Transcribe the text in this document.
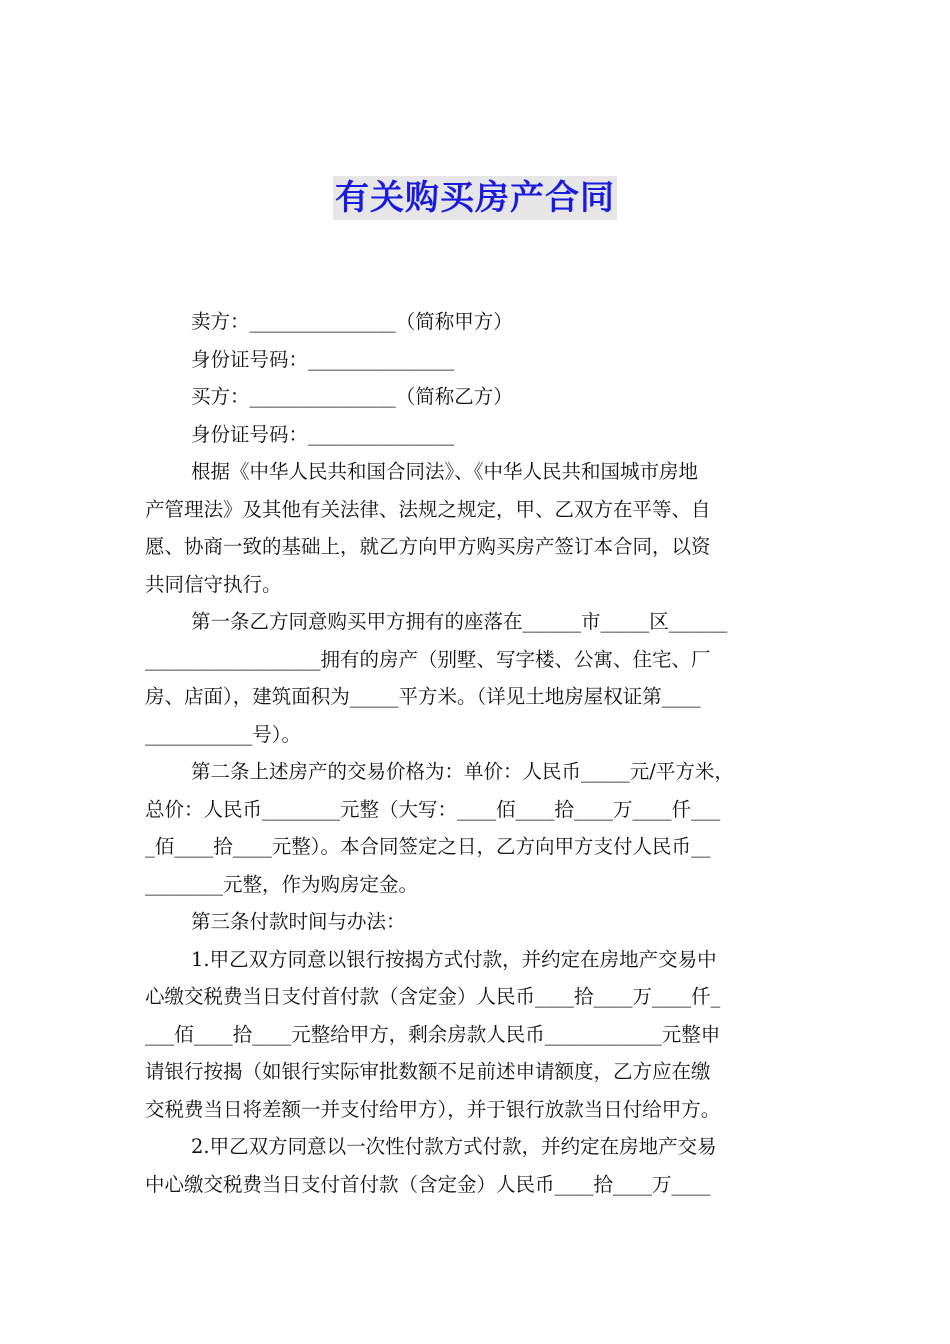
有关购买房产合同
卖方：_______________（简称甲方）
身份证号码：_______________
买方：_______________（简称乙方）
身份证号码：_______________
根据《中华人民共和国合同法》、《中华人民共和国城市房地
产管理法》及其他有关法律、法规之规定，甲、乙双方在平等、自
愿、协商一致的基础上，就乙方向甲方购买房产签订本合同，以资
共同信守执行。
第一条乙方同意购买甲方拥有的座落在______市_____区______
__________________拥有的房产（别墅、写字楼、公寓、住宅、厂
房、店面），建筑面积为_____平方米。（详见土地房屋权证第____
___________号）。
第二条上述房产的交易价格为：单价：人民币_____元/平方米，
总价：人民币________元整（大写：____佰____拾____万____仟___
_佰____拾____元整）。本合同签定之日，乙方向甲方支付人民币__
________元整，作为购房定金。
第三条付款时间与办法：
1.甲乙双方同意以银行按揭方式付款，并约定在房地产交易中
心缴交税费当日支付首付款（含定金）人民币____拾____万____仟_
___佰____拾____元整给甲方，剩余房款人民币____________元整申
请银行按揭（如银行实际审批数额不足前述申请额度，乙方应在缴
交税费当日将差额一并支付给甲方），并于银行放款当日付给甲方。
2.甲乙双方同意以一次性付款方式付款，并约定在房地产交易
中心缴交税费当日支付首付款（含定金）人民币____拾____万____
